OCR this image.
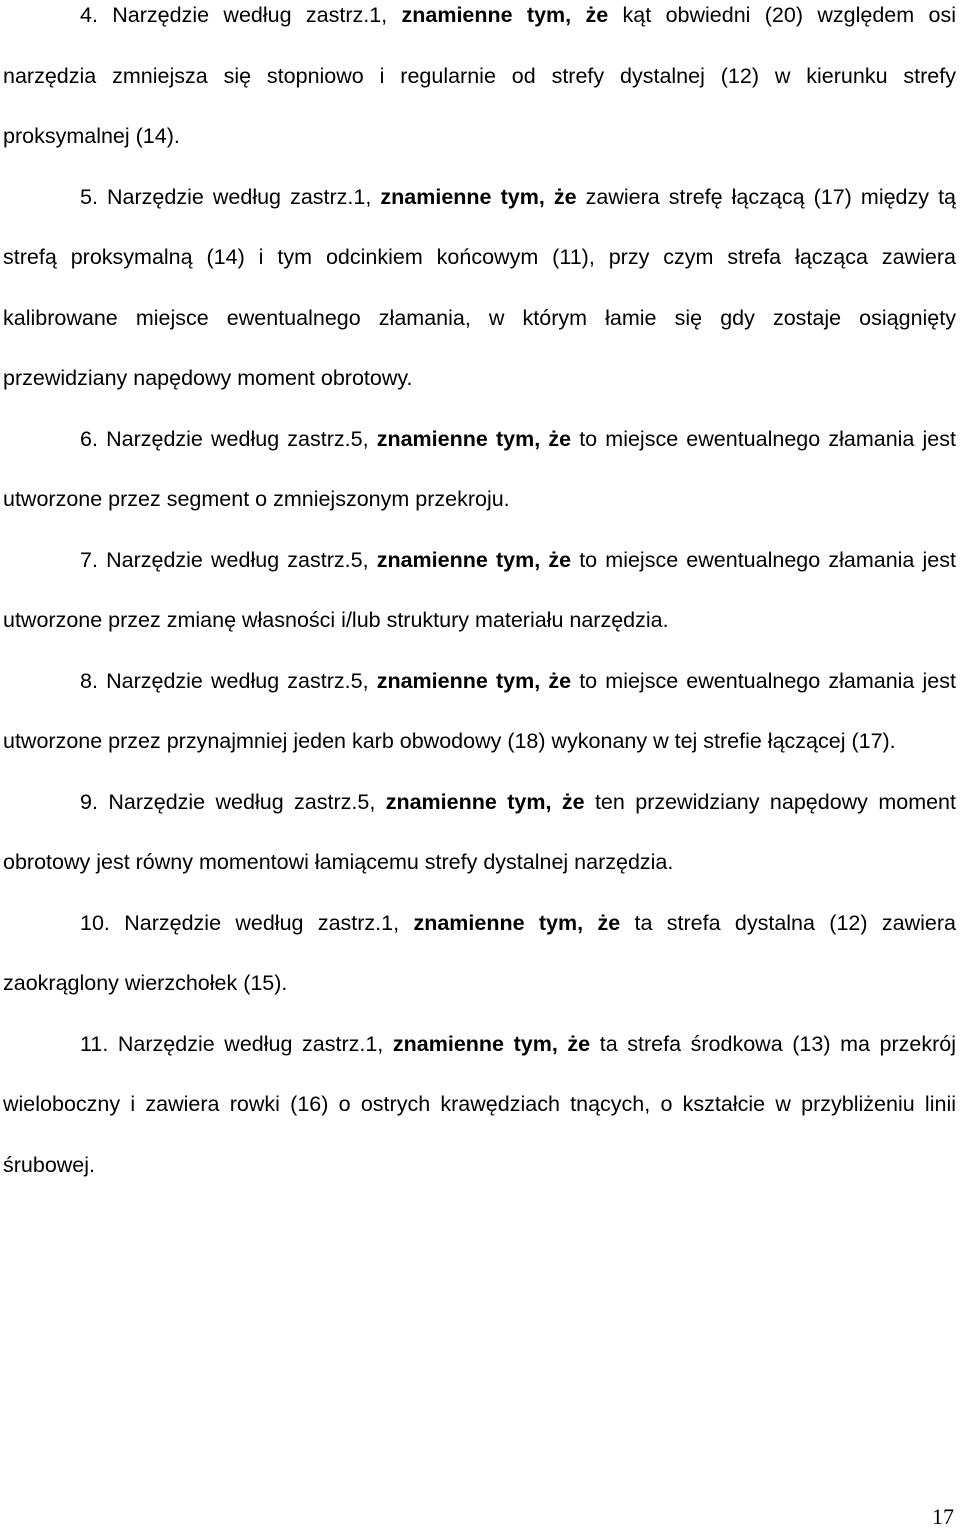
4. Narzędzie według zastrz.1, znamienne tym, że kąt obwiedni (20) względem osi narzędzia zmniejsza się stopniowo i regularnie od strefy dystalnej (12) w kierunku strefy proksymalnej (14).

5. Narzędzie według zastrz.1, znamienne tym, że zawiera strefę łączącą (17) między tą strefą proksymalną (14) i tym odcinkiem końcowym (11), przy czym strefa łącząca zawiera kalibrowane miejsce ewentualnego złamania, w którym łamie się gdy zostaje osiągnięty przewidziany napędowy moment obrotowy.

6. Narzędzie według zastrz.5, znamienne tym, że to miejsce ewentualnego złamania jest utworzone przez segment o zmniejszonym przekroju.

7. Narzędzie według zastrz.5, znamienne tym, że to miejsce ewentualnego złamania jest utworzone przez zmianę własności i/lub struktury materiału narzędzia.

8. Narzędzie według zastrz.5, znamienne tym, że to miejsce ewentualnego złamania jest utworzone przez przynajmniej jeden karb obwodowy (18) wykonany w tej strefie łączącej (17).

9. Narzędzie według zastrz.5, znamienne tym, że ten przewidziany napędowy moment obrotowy jest równy momentowi łamiącemu strefy dystalnej narzędzia.

10. Narzędzie według zastrz.1, znamienne tym, że ta strefa dystalna (12) zawiera zaokrąglony wierzchołek (15).

11. Narzędzie według zastrz.1, znamienne tym, że ta strefa środkowa (13) ma przekrój wieloboczny i zawiera rowki (16) o ostrych krawędziach tnących, o kształcie w przybliżeniu linii śrubowej.

17
